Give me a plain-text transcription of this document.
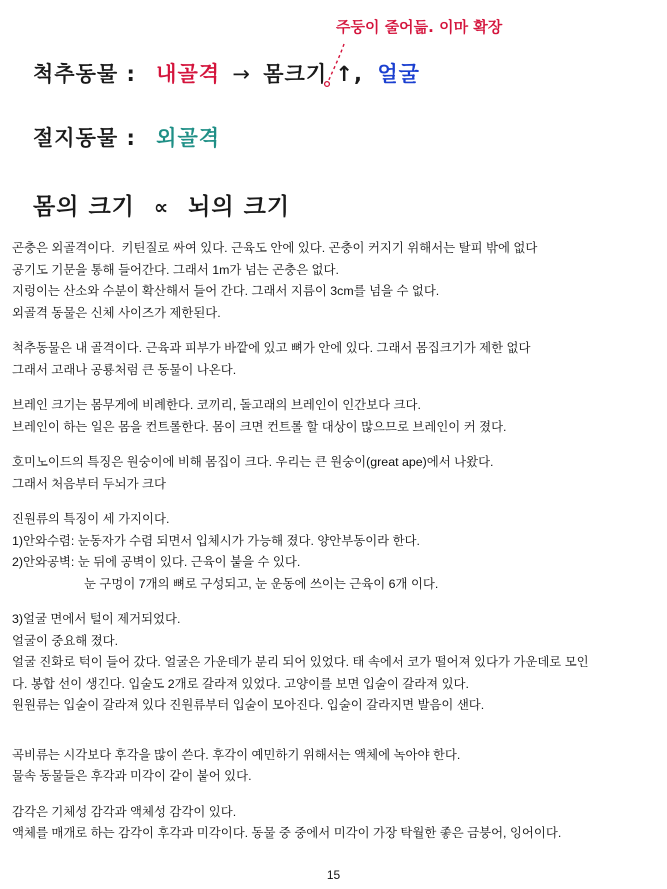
주둥이 줄어듦. 이마 확장
척추동물 : 내골격 → 몸크기 ↑, 얼굴
절지동물 : 외골격
몸의 크기 ∝ 뇌의 크기
곤충은 외골격이다.  키틴질로 싸여 있다. 근육도 안에 있다. 곤충이 커지기 위해서는 탈피 밖에 없다
공기도 기문을 통해 들어간다. 그래서 1m가 넘는 곤충은 없다.
지렁이는 산소와 수분이 확산해서 들어 간다. 그래서 지름이 3cm를 넘을 수 없다.
외골격 동물은 신체 사이즈가 제한된다.
척추동물은 내 골격이다. 근육과 피부가 바깥에 있고 뼈가 안에 있다. 그래서 몸집크기가 제한 없다
그래서 고래나 공룡처럼 큰 동물이 나온다.
브레인 크기는 몸무게에 비례한다. 코끼리, 돌고래의 브레인이 인간보다 크다.
브레인이 하는 일은 몸을 컨트롤한다. 몸이 크면 컨트롤 할 대상이 많으므로 브레인이 커 졌다.
호미노이드의 특징은 원숭이에 비해 몸집이 크다. 우리는 큰 원숭이(great ape)에서 나왔다.
그래서 처음부터 두뇌가 크다
진원류의 특징이 세 가지이다.
1)안와수렴: 눈동자가 수렴 되면서 입체시가 가능해 졌다. 양안부동이라 한다.
2)안와공벽: 눈 뒤에 공벽이 있다. 근육이 붙을 수 있다.
눈 구멍이 7개의 뼈로 구성되고, 눈 운동에 쓰이는 근육이 6개 이다.
3)얼굴 면에서 털이 제거되었다.
얼굴이 중요해 졌다.
얼굴 진화로 턱이 들어 갔다. 얼굴은 가운데가 분리 되어 있었다. 태 속에서 코가 떨어져 있다가 가운데로 모인
다. 봉합 선이 생긴다. 입술도 2개로 갈라져 있었다. 고양이를 보면 입술이 갈라져 있다.
원원류는 입술이 갈라져 있다 진원류부터 입술이 모아진다. 입술이 갈라지면 발음이 샌다.
곡비류는 시각보다 후각을 많이 쓴다. 후각이 예민하기 위해서는 액체에 녹아야 한다.
물속 동물들은 후각과 미각이 같이 붙어 있다.
감각은 기체성 감각과 액체성 감각이 있다.
액체를 매개로 하는 감각이 후각과 미각이다. 동물 중 중에서 미각이 가장 탁월한 좋은 금붕어, 잉어이다.
15
